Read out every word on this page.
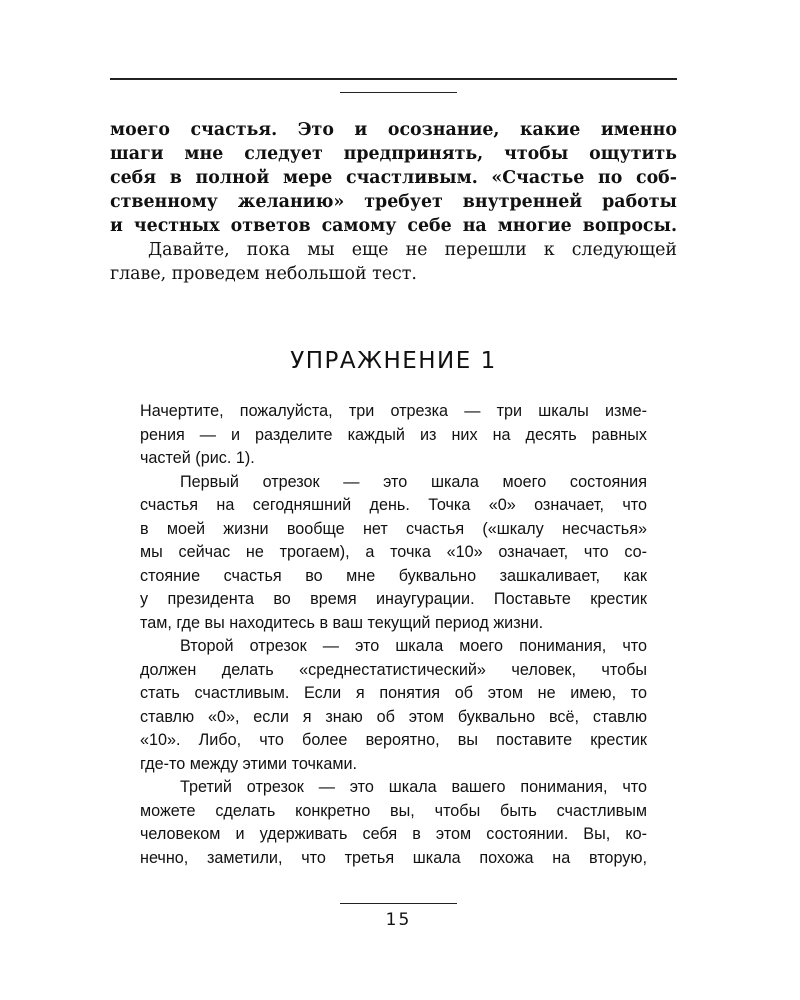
моего счастья. Это и осознание, какие именно
шаги мне следует предпринять, чтобы ощутить
себя в полной мере счастливым. «Счастье по соб-
ственному желанию» требует внутренней работы
и честных ответов самому себе на многие вопросы.
Давайте, пока мы еще не перешли к следующей
главе, проведем небольшой тест.
УПРАЖНЕНИЕ 1
Начертите, пожалуйста, три отрезка — три шкалы изме-
рения — и разделите каждый из них на десять равных
частей (рис. 1).
Первый отрезок — это шкала моего состояния
счастья на сегодняшний день. Точка «0» означает, что
в моей жизни вообще нет счастья («шкалу несчастья»
мы сейчас не трогаем), а точка «10» означает, что со-
стояние счастья во мне буквально зашкаливает, как
у президента во время инаугурации. Поставьте крестик
там, где вы находитесь в ваш текущий период жизни.
Второй отрезок — это шкала моего понимания, что
должен делать «среднестатистический» человек, чтобы
стать счастливым. Если я понятия об этом не имею, то
ставлю «0», если я знаю об этом буквально всё, ставлю
«10». Либо, что более вероятно, вы поставите крестик
где-то между этими точками.
Третий отрезок — это шкала вашего понимания, что
можете сделать конкретно вы, чтобы быть счастливым
человеком и удерживать себя в этом состоянии. Вы, ко-
нечно, заметили, что третья шкала похожа на вторую,
15
